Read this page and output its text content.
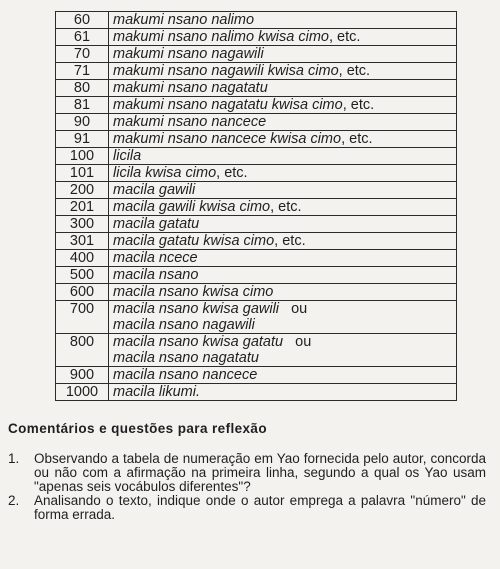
60	makumi nsano nalimo
61	makumi nsano nalimo kwisa cimo, etc.
70	makumi nsano nagawili
71	makumi nsano nagawili kwisa cimo, etc.
80	makumi nsano nagatatu
81	makumi nsano nagatatu kwisa cimo, etc.
90	makumi nsano nancece
91	makumi nsano nancece kwisa cimo, etc.
100	licila
101	licila kwisa cimo, etc.
200	macila gawili
201	macila gawili kwisa cimo, etc.
300	macila gatatu
301	macila gatatu kwisa cimo, etc.
400	macila ncece
500	macila nsano
600	macila nsano kwisa cimo
700	macila nsano kwisa gawili   ou
macila nsano nagawili

800	macila nsano kwisa gatatu   ou
macila nsano nagatatu

900	macila nsano nancece
1000	macila likumi.
Comentários e questões para reflexão
1.	Observando a tabela de numeração em Yao fornecida pelo autor, concorda ou não com a afirmação na primeira linha, segundo a qual os Yao usam "apenas seis vocábulos diferentes"?
2.	Analisando o texto, indique onde o autor emprega a palavra "número" de forma errada.
